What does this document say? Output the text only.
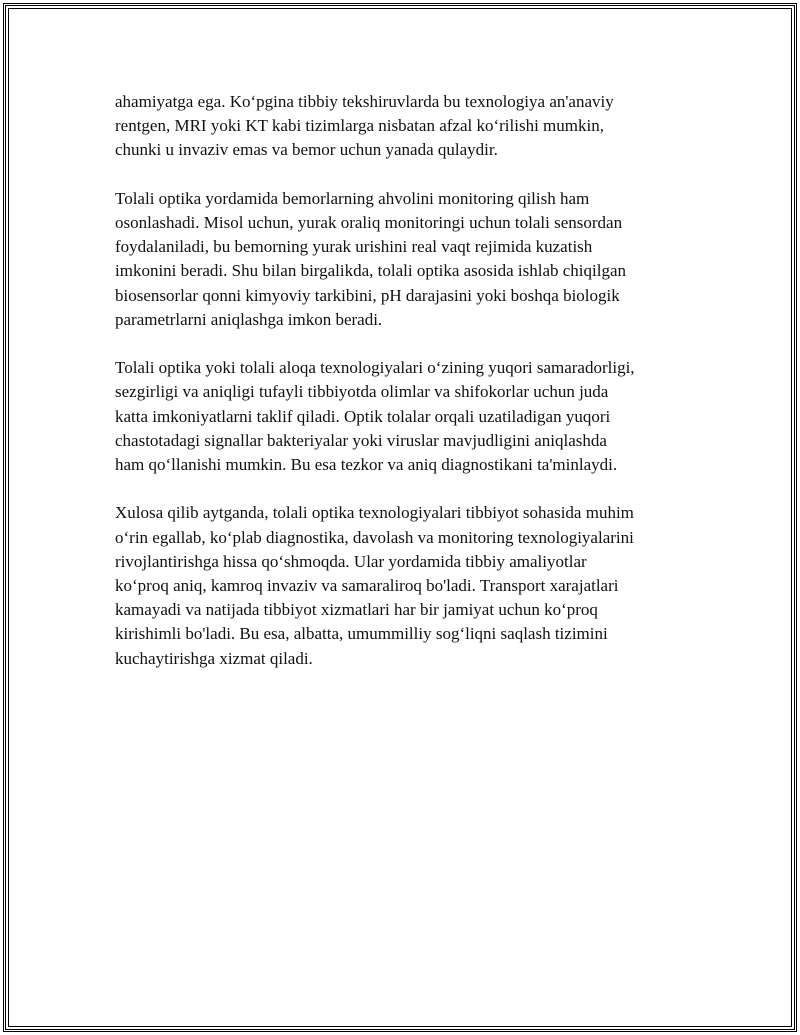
ahamiyatga ega. Koʻpgina tibbiy tekshiruvlarda bu texnologiya an'anaviy
rentgen, MRI yoki KT kabi tizimlarga nisbatan afzal koʻrilishi mumkin,
chunki u invaziv emas va bemor uchun yanada qulaydir.

Tolali optika yordamida bemorlarning ahvolini monitoring qilish ham
osonlashadi. Misol uchun, yurak oraliq monitoringi uchun tolali sensordan
foydalaniladi, bu bemorning yurak urishini real vaqt rejimida kuzatish
imkonini beradi. Shu bilan birgalikda, tolali optika asosida ishlab chiqilgan
biosensorlar qonni kimyoviy tarkibini, pH darajasini yoki boshqa biologik
parametrlarni aniqlashga imkon beradi.

Tolali optika yoki tolali aloqa texnologiyalari oʻzining yuqori samaradorligi,
sezgirligi va aniqligi tufayli tibbiyotda olimlar va shifokorlar uchun juda
katta imkoniyatlarni taklif qiladi. Optik tolalar orqali uzatiladigan yuqori
chastotadagi signallar bakteriyalar yoki viruslar mavjudligini aniqlashda
ham qoʻllanishi mumkin. Bu esa tezkor va aniq diagnostikani ta'minlaydi.

Xulosa qilib aytganda, tolali optika texnologiyalari tibbiyot sohasida muhim
oʻrin egallab, koʻplab diagnostika, davolash va monitoring texnologiyalarini
rivojlantirishga hissa qoʻshmoqda. Ular yordamida tibbiy amaliyotlar
koʻproq aniq, kamroq invaziv va samaraliroq bo'ladi. Transport xarajatlari
kamayadi va natijada tibbiyot xizmatlari har bir jamiyat uchun koʻproq
kirishimli bo'ladi. Bu esa, albatta, umummilliy sogʻliqni saqlash tizimini
kuchaytirishga xizmat qiladi.
